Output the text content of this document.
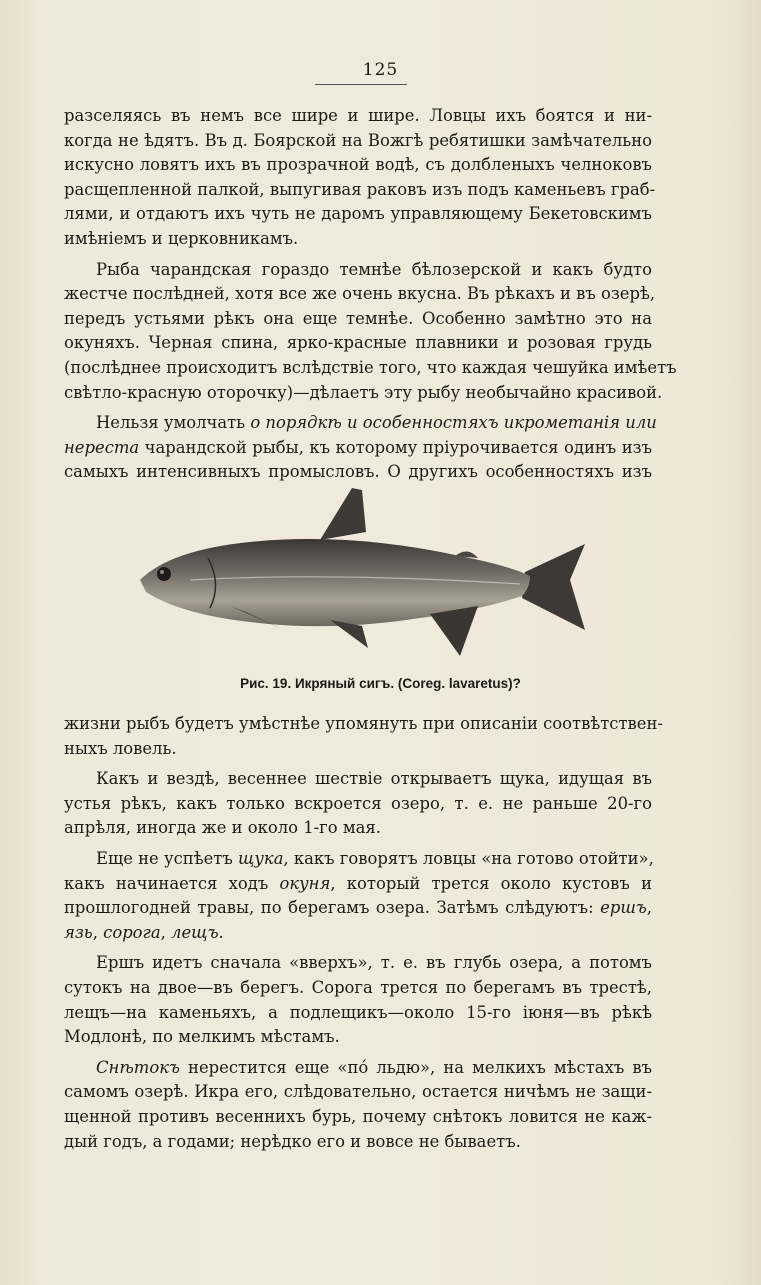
125
разселяясь въ немъ все шире и шире. Ловцы ихъ боятся и ни-
когда не ѣдятъ. Въ д. Боярской на Вожгѣ ребятишки замѣчательно
искусно ловятъ ихъ въ прозрачной водѣ, съ долбленыхъ челноковъ
расщепленной палкой, выпугивая раковъ изъ подъ каменьевъ граб-
лями, и отдаютъ ихъ чуть не даромъ управляющему Бекетовскимъ
имѣніемъ и церковникамъ.
Рыба чарандская гораздо темнѣе бѣлозерской и какъ будто
жестче послѣдней, хотя все же очень вкусна. Въ рѣкахъ и въ озерѣ,
передъ устьями рѣкъ она еще темнѣе. Особенно замѣтно это на
окуняхъ. Черная спина, ярко-красные плавники и розовая грудь
(послѣднее происходитъ вслѣдствіе того, что каждая чешуйка имѣетъ
свѣтло-красную оторочку)—дѣлаетъ эту рыбу необычайно красивой.
Нельзя умолчать о порядкѣ и особенностяхъ икрометанія или
нереста чарандской рыбы, къ которому пріурочивается одинъ изъ
самыхъ интенсивныхъ промысловъ. О другихъ особенностяхъ изъ
Рис. 19. Икряный сигъ. (Coreg. lavaretus)?
жизни рыбъ будетъ умѣстнѣе упомянуть при описаніи соотвѣтствен-
ныхъ ловель.
Какъ и вездѣ, весеннее шествіе открываетъ щука, идущая въ
устья рѣкъ, какъ только вскроется озеро, т. е. не раньше 20-го
апрѣля, иногда же и около 1-го мая.
Еще не успѣетъ щука, какъ говорятъ ловцы «на готово отойти»,
какъ начинается ходъ окуня, который трется около кустовъ и
прошлогодней травы, по берегамъ озера. Затѣмъ слѣдуютъ: ершъ,
язь, сорога, лещъ.
Ершъ идетъ сначала «вверхъ», т. е. въ глубь озера, а потомъ
сутокъ на двое—въ берегъ. Сорога трется по берегамъ въ трестѣ,
лещъ—на каменьяхъ, а подлещикъ—около 15-го іюня—въ рѣкѣ
Модлонѣ, по мелкимъ мѣстамъ.
Снѣтокъ нерестится еще «по́ льдю», на мелкихъ мѣстахъ въ
самомъ озерѣ. Икра его, слѣдовательно, остается ничѣмъ не защи-
щенной противъ весеннихъ бурь, почему снѣтокъ ловится не каж-
дый годъ, а годами; нерѣдко его и вовсе не бываетъ.
